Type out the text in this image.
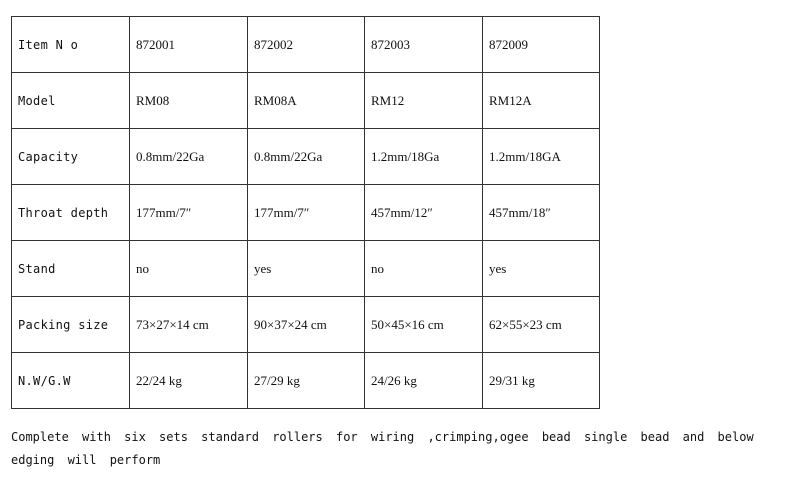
Item N o	872001	872002	872003	872009
Model	RM08	RM08A	RM12	RM12A
Capacity	0.8mm/22Ga	0.8mm/22Ga	1.2mm/18Ga	1.2mm/18GA
Throat depth	177mm/7″	177mm/7″	457mm/12″	457mm/18″
Stand	no	yes	no	yes
Packing size	73×27×14 cm	90×37×24 cm	50×45×16 cm	62×55×23 cm
N.W/G.W	22/24 kg	27/29 kg	24/26 kg	29/31 kg

Complete with six sets standard rollers for wiring ,crimping,ogee bead single bead and below edging will perform
